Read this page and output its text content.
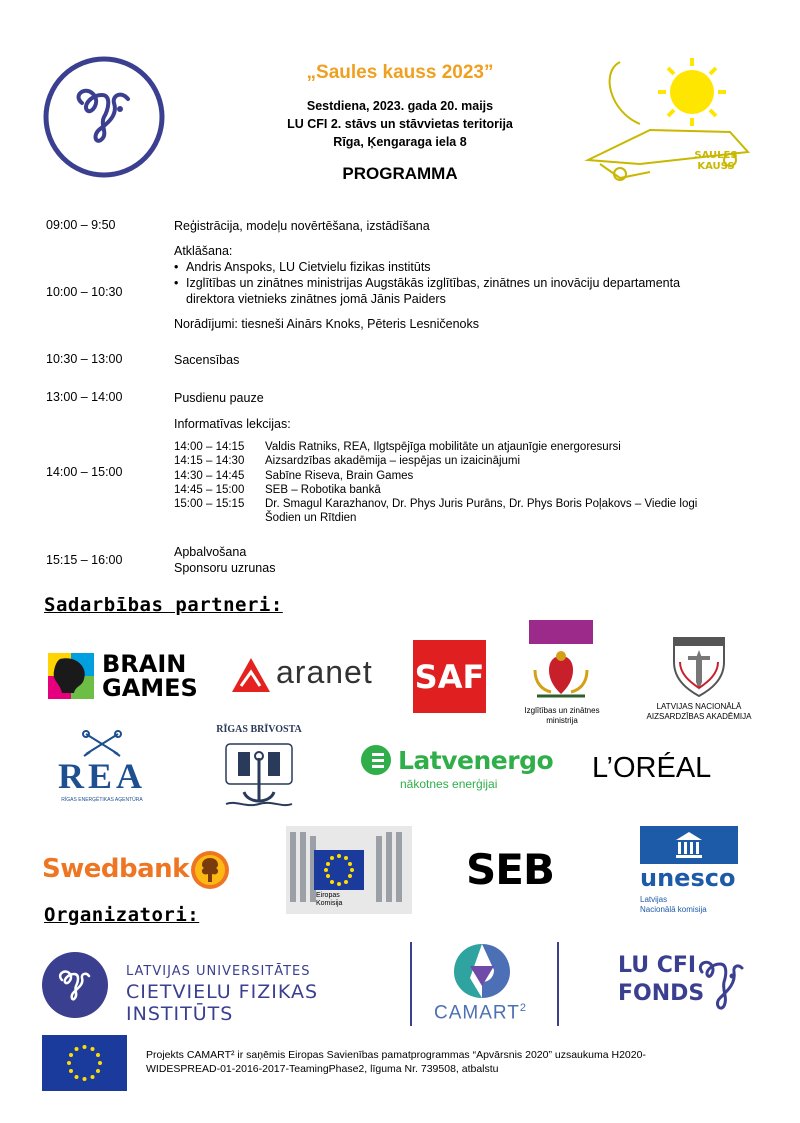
„Saules kauss 2023”
Sestdiena, 2023. gada 20. maijs
LU CFI 2. stāvs un stāvvietas teritorija
Rīga, Ķengaraga iela 8
PROGRAMMA
SAULES KAUSS
09:00 – 9:50	Reģistrācija, modeļu novērtēšana, izstādīšana
10:00 – 10:30
Atklāšana:
• Andris Anspoks, LU Cietvielu fizikas institūts
• Izglītības un zinātnes ministrijas Augstākās izglītības, zinātnes un inovāciju departamenta
direktora vietnieks zinātnes jomā Jānis Paiders
Norādījumi: tiesneši Ainārs Knoks, Pēteris Lesničenoks
10:30 – 13:00	Sacensības
13:00 – 14:00	Pusdienu pauze
14:00 – 15:00
Informatīvas lekcijas:
14:00 – 14:15 Valdis Ratniks, REA, Ilgtspējīga mobilitāte un atjaunīgie energoresursi
14:15 – 14:30 Aizsardzības akadēmija – iespējas un izaicinājumi
14:30 – 14:45 Sabīne Riseva, Brain Games
14:45 – 15:00 SEB – Robotika bankā
15:00 – 15:15 Dr. Smagul Karazhanov, Dr. Phys Juris Purāns, Dr. Phys Boris Poļakovs – Viedie logi
Šodien un Rītdien
15:15 – 16:00
Apbalvošana
Sponsoru uzrunas
Sadarbības partneri:
BRAIN
GAMES aranet SAF
Izglītības un zinātnes
ministrija
NAA 1992
LATVIJAS NACIONĀLĀ
AIZSARDZĪBAS AKADĒMIJA
REA
RĪGAS ENERĢĒTIKAS AĢENTŪRA
RĪGAS BRĪVOSTA
Latvenergo
nākotnes enerģijai	L’ORÉAL
Swedbank
Eiropas
Komisija
SEB	unesco
Latvijas
Nacionālā komisija
Organizatori:
LATVIJAS UNIVERSITĀTES
CIETVIELU FIZIKAS INSTITŪTS	CAMART$^2$
LU CFI
FONDS
Projekts CAMART² ir saņēmis Eiropas Savienības pamatprogrammas “Apvārsnis 2020” uzsaukuma H2020-
WIDESPREAD-01-2016-2017-TeamingPhase2, līguma Nr. 739508, atbalstu
